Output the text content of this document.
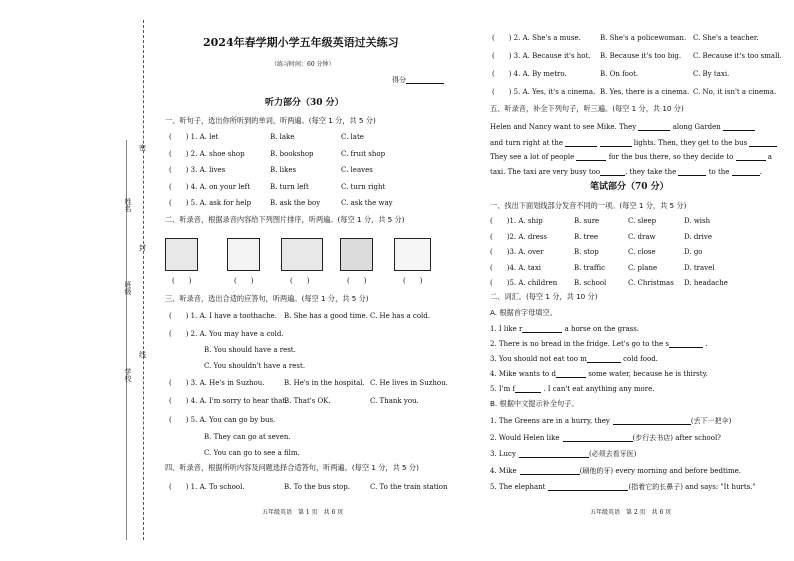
密
封
线
姓名
班级
学校
2024年春学期小学五年级英语过关练习
（练习时间：60 分钟）
得分
听力部分（30 分）
一、听句子，选出你所听到的单词，听两遍。(每空 1 分，共 5 分)
(　　) 1. A. let	B. lake	C. late
(　　) 2. A. shoe shop	B. bookshop	C. fruit shop
(　　) 3. A. lives	B. likes	C. leaves
(　　) 4. A. on your left	B. turn left	C. turn right
(　　) 5. A. ask for help	B. ask the boy	C. ask the way
二、听录音，根据录音内容给下列图片排序，听两遍。(每空 1 分，共 5 分)
(　　)	(　　)	(　　)	(　　)	(　　)
三、听录音，选出合适的应答句，听两遍。(每空 1 分，共 5 分)
(　　) 1. A. I have a toothache. B. She has a good time. C. He has a cold.
(　　) 2. A. You may have a cold.
B. You should have a rest.
C. You shouldn't have a rest.
(　　) 3. A. He's in Suzhou.	B. He's in the hospital. C. He lives in Suzhou.
(　　) 4. A. I'm sorry to hear that.
B. That's OK.	C. Thank you.
(　　) 5. A. You can go by bus.
B. They can go at seven.
C. You can go to see a film.
四、听录音，根据所听内容及问题选择合适答句，听两遍。(每空 1 分，共 5 分)
(　　) 1. A. To school.	B. To the bus stop.	C. To the train station
五年级英语　第 1 页　共 6 页
(　　) 2. A. She's a muse.	B. She's a policewoman. C. She's a teacher.
(　　) 3. A. Because it's hot. B. Because it's too big. C. Because it's too small.
(　　) 4. A. By metro.	B. On foot.	C. By taxi.
(　　) 5. A. Yes, it's a cinema. B. Yes, there is a cinema. C. No, it isn't a cinema.
五、听录音，补全下列句子，听三遍。(每空 1 分，共 10 分)
Helen and Nancy want to see Mike. They	along Garden
and turn right at the	lights. Then, they get to the bus
They see a lot of people	for the bus there, so they decide to	a
taxi. The taxi are very busy too	, they take the	to the	.
笔试部分（70 分）
一、找出下面划线部分发音不同的一项。(每空 1 分，共 5 分)
(　　)1. A. ship	B. sure	C. sleep	D. wish
(　　)2. A. dress	B. tree	C. draw	D. drive
(　　)3. A. over	B. stop	C. close	D. go
(　　)4. A. taxi	B. traffic	C. plane	D. travel
(　　)5. A. children B. school	C. Christmas D. headache
二、词汇。(每空 1 分，共 10 分)
A. 根据首字母填空。
1. I like r	a horse on the grass.
2. There is no bread in the fridge. Let's go to the s	.
3. You should not eat too m	cold food.
4. Mike wants to d	some water, because he is thirsty.
5. I'm f	. I can't eat anything any more.
B. 根据中文提示补全句子。
1. The Greens are in a hurry, they	(丢下一把伞)
2. Would Helen like	(步行去书店) after school?
3. Lucy	(必须去看牙医)
4. Mike	(刷他的牙) every morning and before bedtime.
5. The elephant	(指着它的长鼻子) and says: "It hurts."
五年级英语　第 2 页　共 6 页
